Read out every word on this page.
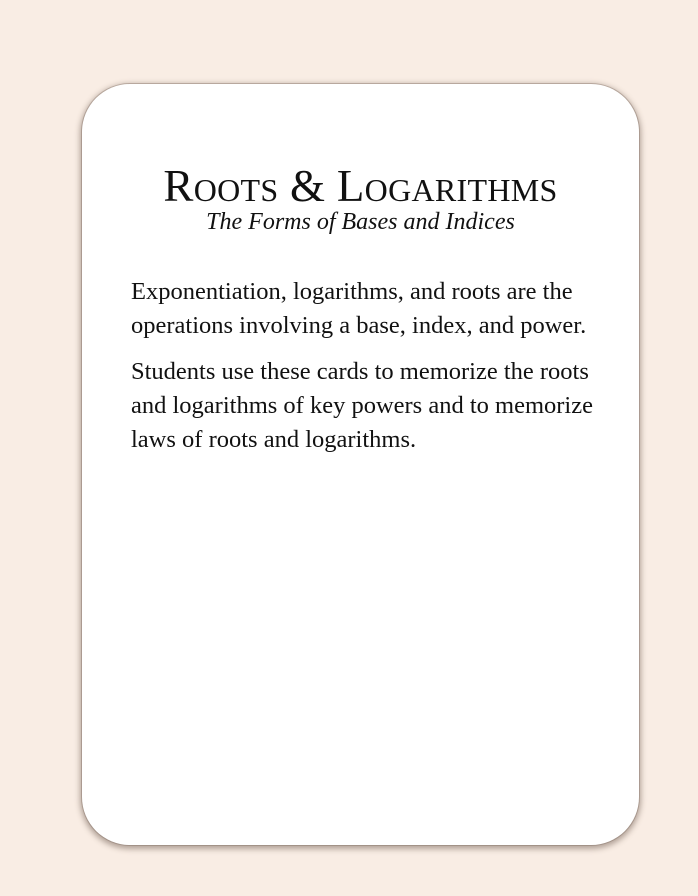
Roots & Logarithms
The Forms of Bases and Indices

Exponentiation, logarithms, and roots are the operations involving a base, index, and power.

Students use these cards to memorize the roots and logarithms of key powers and to memorize laws of roots and logarithms.
